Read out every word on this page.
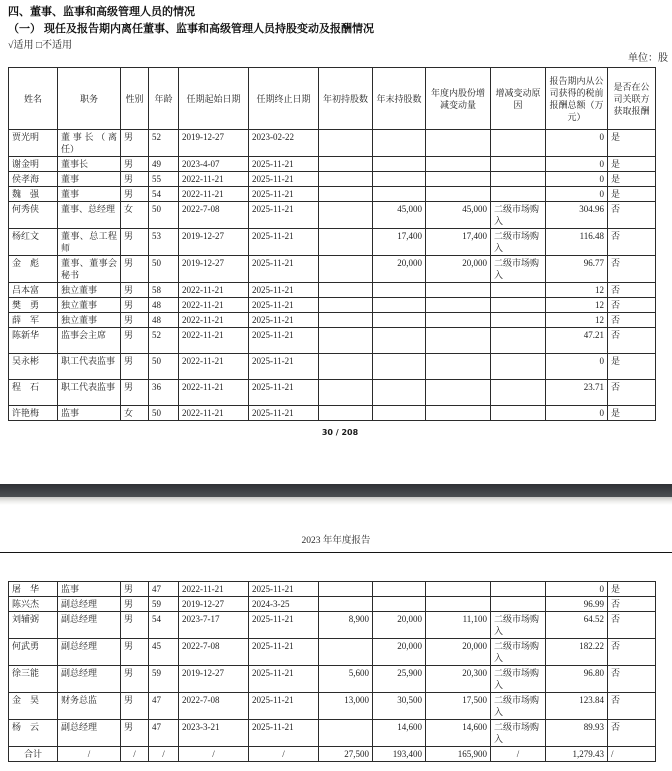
四、董事、监事和高级管理人员的情况
（一） 现任及报告期内离任董事、监事和高级管理人员持股变动及报酬情况
√适用 □不适用
单位：股
姓名	职务	性别	年龄	任期起始日期	任期终止日期	年初持股数	年末持股数	年度内股份增减变动量	增减变动原因	报告期内从公司获得的税前报酬总额（万元）	是否在公司关联方获取报酬
贾光明	董事长（离任）	男	52	2019-12-27	2023-02-22					0	是
谢金明	董事长	男	49	2023-4-07	2025-11-21					0	是
侯孝海	董事	男	55	2022-11-21	2025-11-21					0	是
魏　强	董事	男	54	2022-11-21	2025-11-21					0	是
何秀侠	董事、总经理	女	50	2022-7-08	2025-11-21		45,000	45,000	二级市场购入	304.96	否
杨红文	董事、总工程师	男	53	2019-12-27	2025-11-21		17,400	17,400	二级市场购入	116.48	否
金　彪	董事、董事会秘书	男	50	2019-12-27	2025-11-21		20,000	20,000	二级市场购入	96.77	否
吕本富	独立董事	男	58	2022-11-21	2025-11-21					12	否
樊　勇	独立董事	男	48	2022-11-21	2025-11-21					12	否
薛　军	独立董事	男	48	2022-11-21	2025-11-21					12	否
陈新华	监事会主席	男	52	2022-11-21	2025-11-21					47.21	否
吴永彬	职工代表监事	男	50	2022-11-21	2025-11-21					0	是
程　石	职工代表监事	男	36	2022-11-21	2025-11-21					23.71	否
许艳梅	监事	女	50	2022-11-21	2025-11-21					0	是
30 / 208
2023 年年度报告
屠　华	监事	男	47	2022-11-21	2025-11-21					0	是
陈兴杰	副总经理	男	59	2019-12-27	2024-3-25					96.99	否
刘辅弼	副总经理	男	54	2023-7-17	2025-11-21	8,900	20,000	11,100	二级市场购入	64.52	否
何武勇	副总经理	男	45	2022-7-08	2025-11-21		20,000	20,000	二级市场购入	182.22	否
徐三能	副总经理	男	59	2019-12-27	2025-11-21	5,600	25,900	20,300	二级市场购入	96.80	否
金　昊	财务总监	男	47	2022-7-08	2025-11-21	13,000	30,500	17,500	二级市场购入	123.84	否
杨　云	副总经理	男	47	2023-3-21	2025-11-21		14,600	14,600	二级市场购入	89.93	否
合计	/	/	/	/	/	27,500	193,400	165,900	/	1,279.43	/
